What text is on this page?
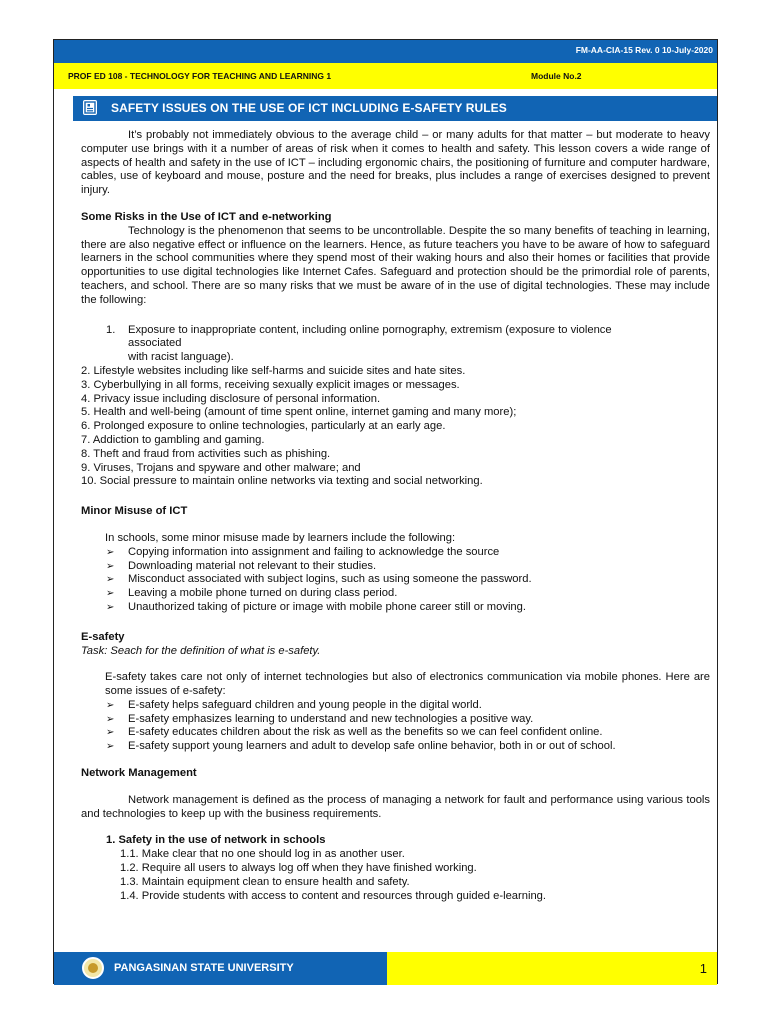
FM-AA-CIA-15 Rev. 0 10-July-2020
PROF ED 108 - TECHNOLOGY FOR TEACHING AND LEARNING 1	Module No.2
SAFETY ISSUES ON THE USE OF ICT INCLUDING E-SAFETY RULES

It’s probably not immediately obvious to the average child – or many adults for that matter – but moderate to heavy computer use brings with it a number of areas of risk when it comes to health and safety. This lesson covers a wide range of aspects of health and safety in the use of ICT – including ergonomic chairs, the positioning of furniture and computer hardware, cables, use of keyboard and mouse, posture and the need for breaks, plus includes a range of exercises designed to prevent injury.

Some Risks in the Use of ICT and e-networking

Technology is the phenomenon that seems to be uncontrollable. Despite the so many benefits of teaching in learning, there are also negative effect or influence on the learners. Hence, as future teachers you have to be aware of how to safeguard learners in the school communities where they spend most of their waking hours and also their homes or facilities that provide opportunities to use digital technologies like Internet Cafes. Safeguard and protection should be the primordial role of parents, teachers, and school. There are so many risks that we must be aware of in the use of digital technologies. These may include the following:

1.	Exposure to inappropriate content, including online pornography, extremism (exposure to violence
associated
with racist language).
2. Lifestyle websites including like self-harms and suicide sites and hate sites.
3. Cyberbullying in all forms, receiving sexually explicit images or messages.
4. Privacy issue including disclosure of personal information.
5. Health and well-being (amount of time spent online, internet gaming and many more);
6. Prolonged exposure to online technologies, particularly at an early age.
7. Addiction to gambling and gaming.
8. Theft and fraud from activities such as phishing.
9. Viruses, Trojans and spyware and other malware; and
10. Social pressure to maintain online networks via texting and social networking.

Minor Misuse of ICT

In schools, some minor misuse made by learners include the following:

➢	Copying information into assignment and failing to acknowledge the source
➢	Downloading material not relevant to their studies.
➢	Misconduct associated with subject logins, such as using someone the password.
➢	Leaving a mobile phone turned on during class period.
➢	Unauthorized taking of picture or image with mobile phone career still or moving.

E-safety

Task: Seach for the definition of what is e-safety.

E-safety takes care not only of internet technologies but also of electronics communication via mobile phones. Here are some issues of e-safety:

➢	E-safety helps safeguard children and young people in the digital world.
➢	E-safety emphasizes learning to understand and new technologies a positive way.
➢	E-safety educates children about the risk as well as the benefits so we can feel confident online.
➢	E-safety support young learners and adult to develop safe online behavior, both in or out of school.

Network Management

Network management is defined as the process of managing a network for fault and performance using various tools and technologies to keep up with the business requirements.

1. Safety in the use of network in schools

1.1. Make clear that no one should log in as another user.

1.2. Require all users to always log off when they have finished working.

1.3. Maintain equipment clean to ensure health and safety.

1.4. Provide students with access to content and resources through guided e-learning.

PANGASINAN STATE UNIVERSITY	1
